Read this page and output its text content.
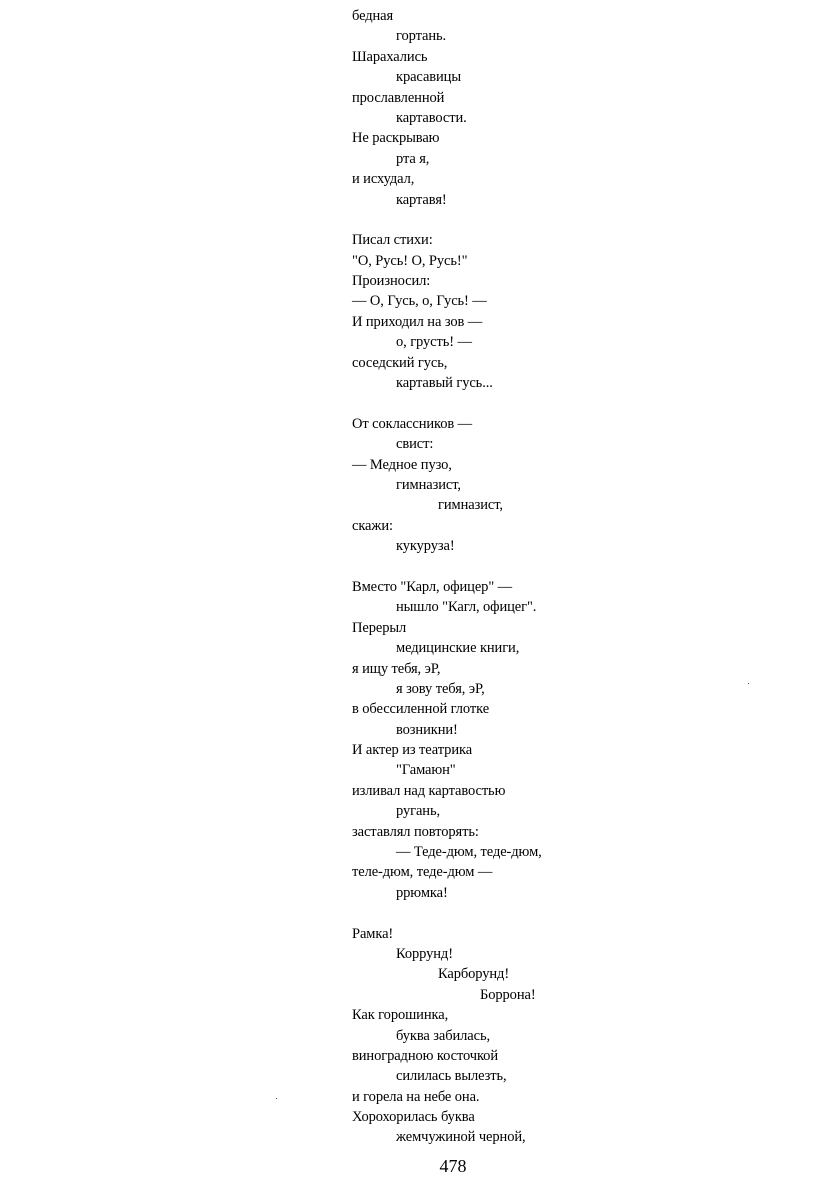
бедная
гортань.
Шарахались
красавицы
прославленной
картавости.
Не раскрываю
рта я,
и исхудал,
картавя!
Писал стихи:
"О, Русь! О, Русь!"
Произносил:
— О, Гусь, о, Гусь! —
И приходил на зов —
о, грусть! —
соседский гусь,
картавый гусь...
От соклассников —
свист:
— Медное пузо,
гимназист,
гимназист,
скажи:
кукуруза!
Вместо "Карл, офицер" —
нышло "Кагл, офицег".
Перерыл
медицинские книги,
я ищу тебя, эР,
я зову тебя, эР,
в обессиленной глотке
возникни!
И актер из театрика
"Гамаюн"
изливал над картавостью
ругань,
заставлял повторять:
— Теде-дюм, теде-дюм,
теле-дюм, теде-дюм —
ррюмка!
Рамка!
Коррунд!
Карборунд!
Боррона!
Как горошинка,
буква забилась,
виноградною косточкой
силилась вылезть,
и горела на небе она.
Хорохорилась буква
жемчужиной черной,
478
